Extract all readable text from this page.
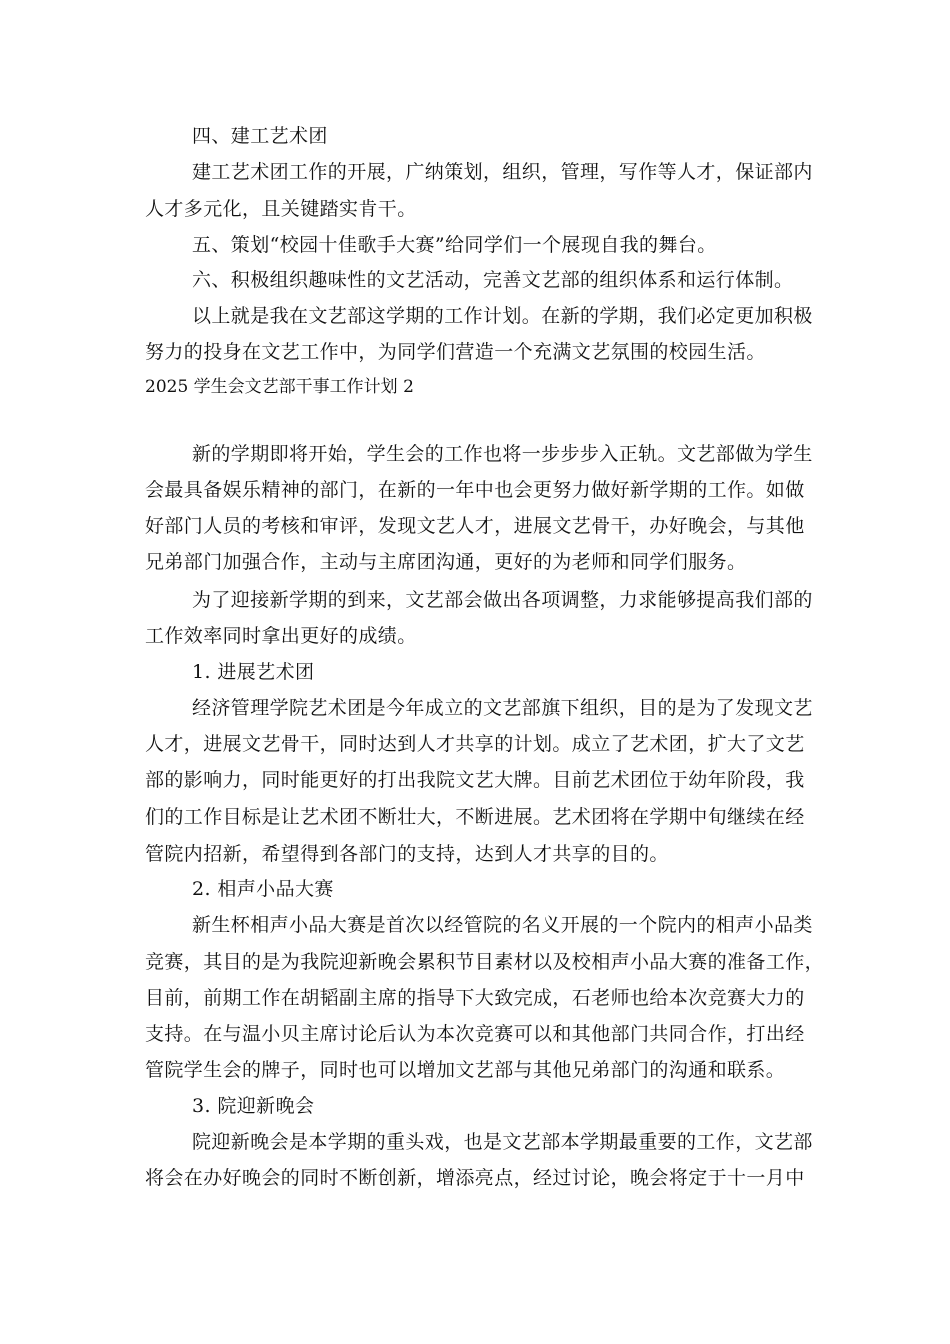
四、建工艺术团
建工艺术团工作的开展，广纳策划，组织，管理，写作等人才，保证部内
人才多元化，且关键踏实肯干。
五、策划“校园十佳歌手大赛”给同学们一个展现自我的舞台。
六、积极组织趣味性的文艺活动，完善文艺部的组织体系和运行体制。
以上就是我在文艺部这学期的工作计划。在新的学期，我们必定更加积极
努力的投身在文艺工作中，为同学们营造一个充满文艺氛围的校园生活。
2025 学生会文艺部干事工作计划 2
新的学期即将开始，学生会的工作也将一步步步入正轨。文艺部做为学生
会最具备娱乐精神的部门，在新的一年中也会更努力做好新学期的工作。如做
好部门人员的考核和审评，发现文艺人才，进展文艺骨干，办好晚会，与其他
兄弟部门加强合作，主动与主席团沟通，更好的为老师和同学们服务。
为了迎接新学期的到来，文艺部会做出各项调整，力求能够提高我们部的
工作效率同时拿出更好的成绩。
1. 进展艺术团
经济管理学院艺术团是今年成立的文艺部旗下组织，目的是为了发现文艺
人才，进展文艺骨干，同时达到人才共享的计划。成立了艺术团，扩大了文艺
部的影响力，同时能更好的打出我院文艺大牌。目前艺术团位于幼年阶段，我
们的工作目标是让艺术团不断壮大，不断进展。艺术团将在学期中旬继续在经
管院内招新，希望得到各部门的支持，达到人才共享的目的。
2. 相声小品大赛
新生杯相声小品大赛是首次以经管院的名义开展的一个院内的相声小品类
竞赛，其目的是为我院迎新晚会累积节目素材以及校相声小品大赛的准备工作，
目前，前期工作在胡韬副主席的指导下大致完成，石老师也给本次竞赛大力的
支持。在与温小贝主席讨论后认为本次竞赛可以和其他部门共同合作，打出经
管院学生会的牌子，同时也可以增加文艺部与其他兄弟部门的沟通和联系。
3. 院迎新晚会
院迎新晚会是本学期的重头戏，也是文艺部本学期最重要的工作，文艺部
将会在办好晚会的同时不断创新，增添亮点，经过讨论，晚会将定于十一月中
